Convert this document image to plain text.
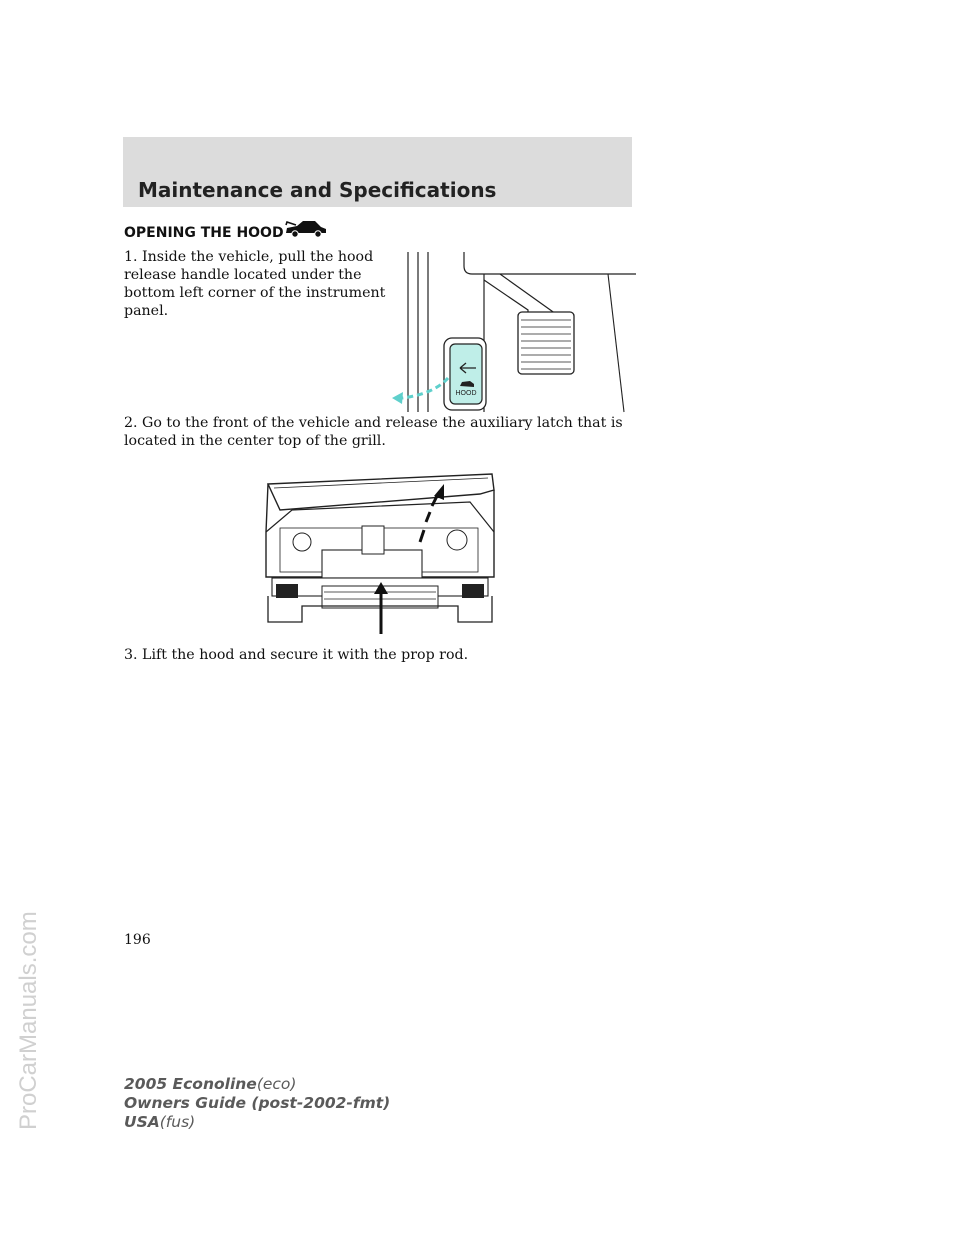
ProCarManuals.com
Maintenance and Specifications
OPENING THE HOOD
1. Inside the vehicle, pull the hood release handle located under the bottom left corner of the instrument panel.
HOOD
2. Go to the front of the vehicle and release the auxiliary latch that is located in the center top of the grill.
3. Lift the hood and secure it with the prop rod.
196
2005 Econoline(eco)
Owners Guide (post-2002-fmt)
USA(fus)
